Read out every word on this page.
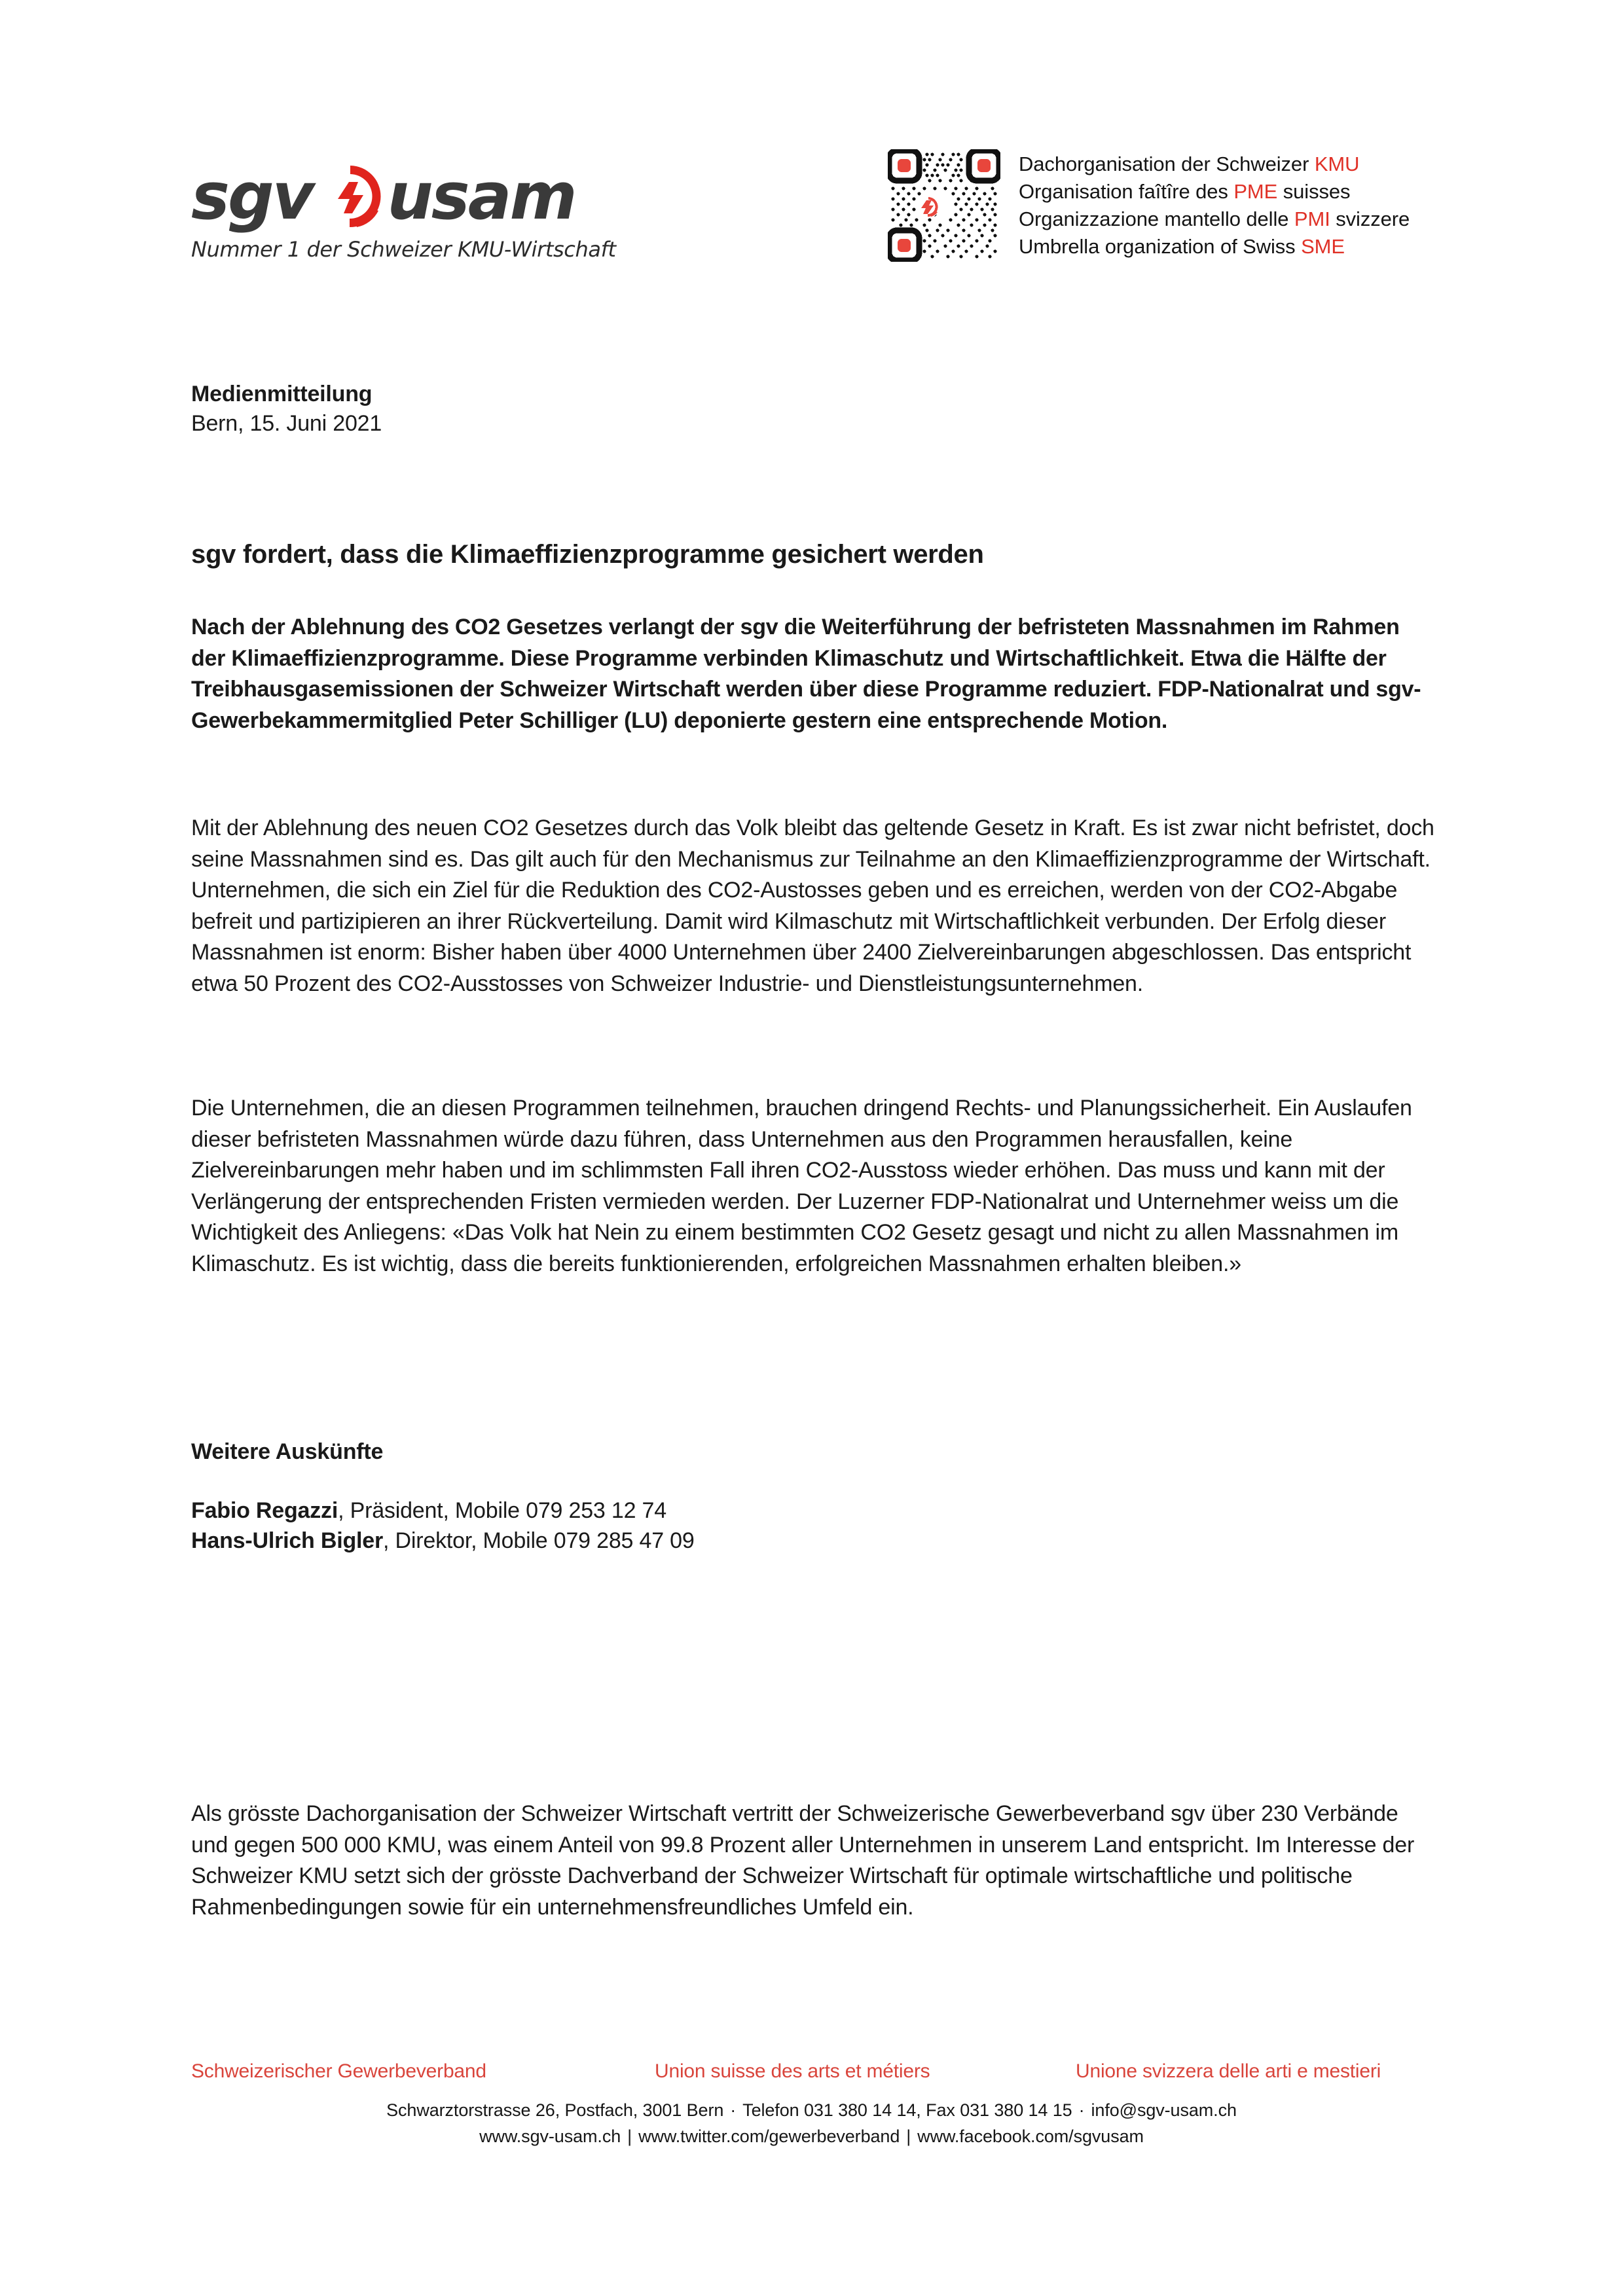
sgv usam
Nummer 1 der Schweizer KMU-Wirtschaft
Dachorganisation der Schweizer KMU
Organisation faîtîre des PME suisses
Organizzazione mantello delle PMI svizzere
Umbrella organization of Swiss SME
Medienmitteilung
Bern, 15. Juni 2021
sgv fordert, dass die Klimaeffizienzprogramme gesichert werden
Nach der Ablehnung des CO2 Gesetzes verlangt der sgv die Weiterführung der befristeten Massnahmen im Rahmen der Klimaeffizienzprogramme. Diese Programme verbinden Klimaschutz und Wirtschaftlichkeit. Etwa die Hälfte der Treibhausgasemissionen der Schweizer Wirtschaft werden über diese Programme reduziert. FDP-Nationalrat und sgv-Gewerbekammermitglied Peter Schilliger (LU) deponierte gestern eine entsprechende Motion.
Mit der Ablehnung des neuen CO2 Gesetzes durch das Volk bleibt das geltende Gesetz in Kraft. Es ist zwar nicht befristet, doch seine Massnahmen sind es. Das gilt auch für den Mechanismus zur Teilnahme an den Klimaeffizienzprogramme der Wirtschaft. Unternehmen, die sich ein Ziel für die Reduktion des CO2-Austosses geben und es erreichen, werden von der CO2-Abgabe befreit und partizipieren an ihrer Rückverteilung. Damit wird Kilmaschutz mit Wirtschaftlichkeit verbunden. Der Erfolg dieser Massnahmen ist enorm: Bisher haben über 4000 Unternehmen über 2400 Zielvereinbarungen abgeschlossen. Das entspricht etwa 50 Prozent des CO2-Ausstosses von Schweizer Industrie- und Dienstleistungsunternehmen.
Die Unternehmen, die an diesen Programmen teilnehmen, brauchen dringend Rechts- und Planungssicherheit. Ein Auslaufen dieser befristeten Massnahmen würde dazu führen, dass Unternehmen aus den Programmen herausfallen, keine Zielvereinbarungen mehr haben und im schlimmsten Fall ihren CO2-Ausstoss wieder erhöhen. Das muss und kann mit der Verlängerung der entsprechenden Fristen vermieden werden. Der Luzerner FDP-Nationalrat und Unternehmer weiss um die Wichtigkeit des Anliegens: «Das Volk hat Nein zu einem bestimmten CO2 Gesetz gesagt und nicht zu allen Massnahmen im Klimaschutz. Es ist wichtig, dass die bereits funktionierenden, erfolgreichen Massnahmen erhalten bleiben.»
Weitere Auskünfte
Fabio Regazzi, Präsident, Mobile 079 253 12 74
Hans-Ulrich Bigler, Direktor, Mobile 079 285 47 09
Als grösste Dachorganisation der Schweizer Wirtschaft vertritt der Schweizerische Gewerbeverband sgv über 230 Verbände und gegen 500 000 KMU, was einem Anteil von 99.8 Prozent aller Unternehmen in unserem Land entspricht. Im Interesse der Schweizer KMU setzt sich der grösste Dachverband der Schweizer Wirtschaft für optimale wirtschaftliche und politische Rahmenbedingungen sowie für ein unternehmensfreundliches Umfeld ein.
Schweizerischer Gewerbeverband	Union suisse des arts et métiers	Unione svizzera delle arti e mestieri
Schwarztorstrasse 26, Postfach, 3001 Bern · Telefon 031 380 14 14, Fax 031 380 14 15 · info@sgv-usam.ch
www.sgv-usam.ch | www.twitter.com/gewerbeverband | www.facebook.com/sgvusam
